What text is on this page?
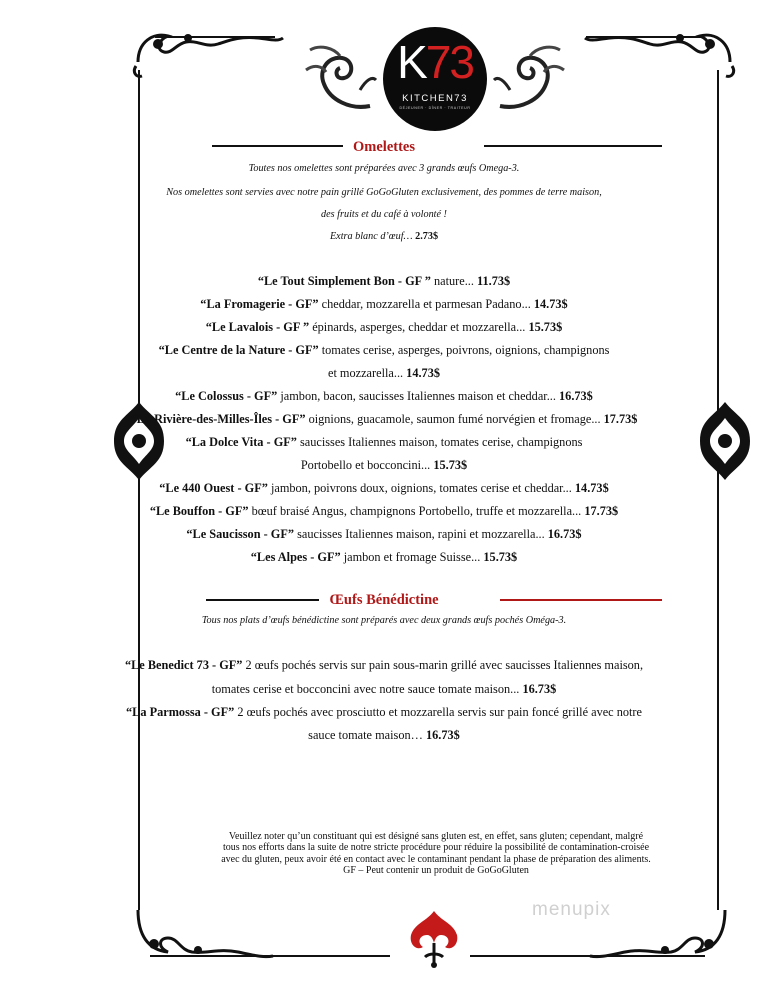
K73
KITCHEN73
DÉJEUNER · DÎNER · TRAITEUR
Omelettes
Toutes nos omelettes sont préparées avec 3 grands œufs Omega-3.
Nos omelettes sont servies avec notre pain grillé GoGoGluten exclusivement, des pommes de terre maison,
des fruits et du café à volonté !
Extra blanc d’œuf… 2.73$
“Le Tout Simplement Bon - GF ” nature... 11.73$
“La Fromagerie - GF” cheddar, mozzarella et parmesan Padano... 14.73$
“Le Lavalois - GF ” épinards, asperges, cheddar et mozzarella... 15.73$
“Le Centre de la Nature - GF” tomates cerise, asperges, poivrons, oignions, champignons
et mozzarella... 14.73$
“Le Colossus - GF” jambon, bacon, saucisses Italiennes maison et cheddar... 16.73$
“La Rivière-des-Milles-Îles - GF” oignions, guacamole, saumon fumé norvégien et fromage... 17.73$
“La Dolce Vita - GF” saucisses Italiennes maison, tomates cerise, champignons
Portobello et bocconcini... 15.73$
“Le 440 Ouest - GF” jambon, poivrons doux, oignions, tomates cerise et cheddar... 14.73$
“Le Bouffon - GF” bœuf braisé Angus, champignons Portobello, truffe et mozzarella... 17.73$
“Le Saucisson - GF” saucisses Italiennes maison, rapini et mozzarella... 16.73$
“Les Alpes - GF” jambon et fromage Suisse... 15.73$
Œufs Bénédictine
Tous nos plats d’œufs bénédictine sont préparés avec deux grands œufs pochés Oméga-3.
“Le Benedict 73 - GF” 2 œufs pochés servis sur pain sous-marin grillé avec saucisses Italiennes maison,
tomates cerise et bocconcini avec notre sauce tomate maison... 16.73$
“La Parmossa - GF” 2 œufs pochés avec prosciutto et mozzarella servis sur pain foncé grillé avec notre
sauce tomate maison… 16.73$
Veuillez noter qu’un constituant qui est désigné sans gluten est, en effet, sans gluten; cependant, malgré
tous nos efforts dans la suite de notre stricte procédure pour réduire la possibilité de contamination-croisée
avec du gluten, peux avoir été en contact avec le contaminant pendant la phase de préparation des aliments.
GF – Peut contenir un produit de GoGoGluten
menupix
